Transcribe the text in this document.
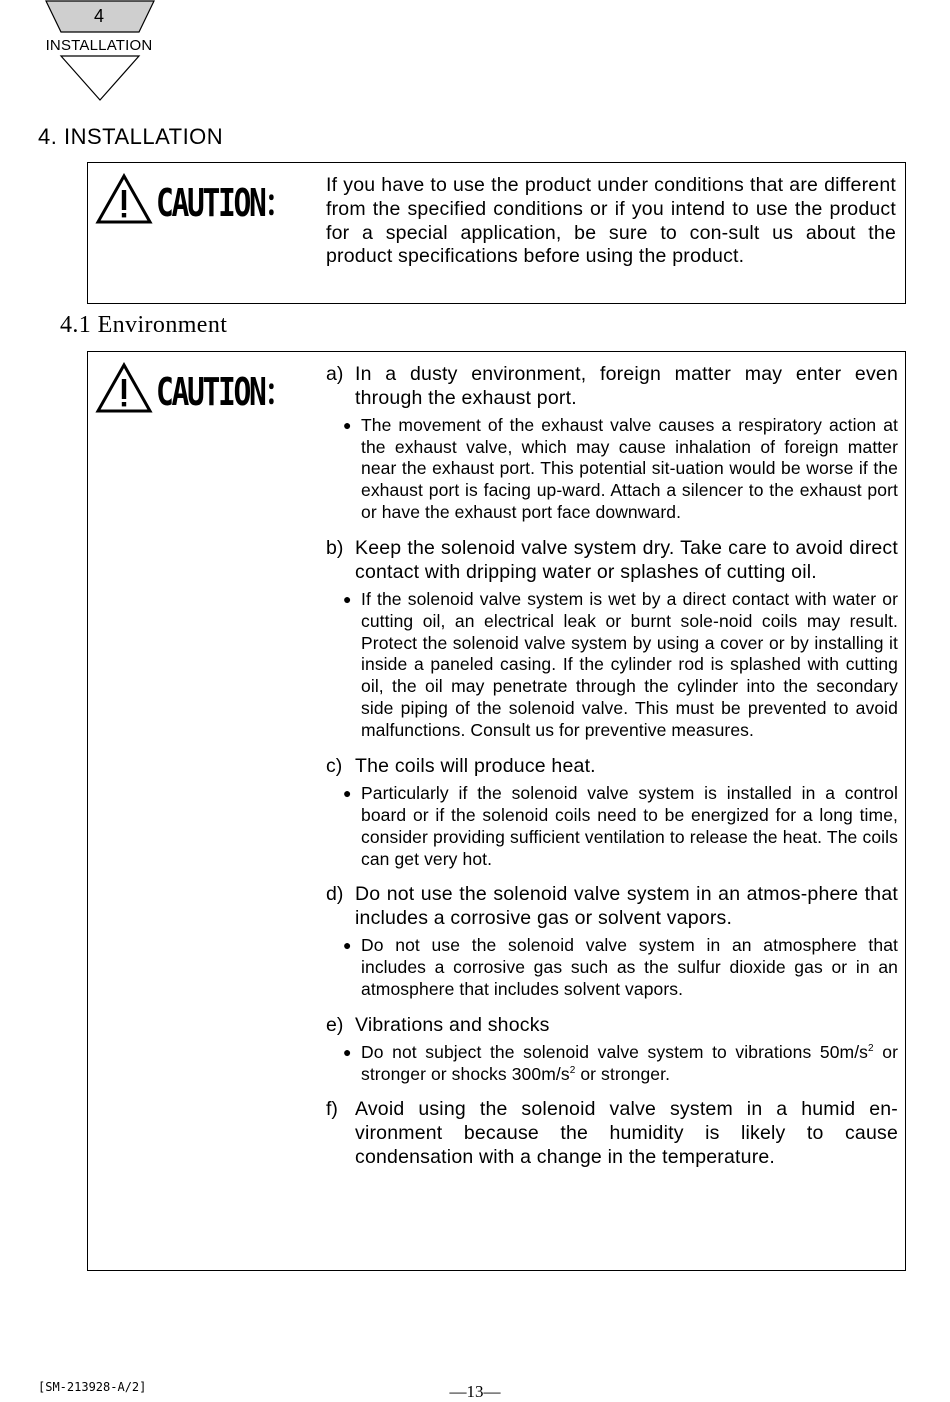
4
INSTALLATION
4. INSTALLATION
CAUTION： If you have to use the product under conditions that are different from the specified conditions or if you intend to use the product for a special application, be sure to con-sult us about the product specifications before using the product.
4.1 Environment
CAUTION： a) In a dusty environment, foreign matter may enter even through the exhaust port.
● The movement of the exhaust valve causes a respiratory action at the exhaust valve, which may cause inhalation of foreign matter near the exhaust port. This potential sit-uation would be worse if the exhaust port is facing up-ward. Attach a silencer to the exhaust port or have the exhaust port face downward.
b) Keep the solenoid valve system dry. Take care to avoid direct contact with dripping water or splashes of cutting oil.
● If the solenoid valve system is wet by a direct contact with water or cutting oil, an electrical leak or burnt sole-noid coils may result. Protect the solenoid valve system by using a cover or by installing it inside a paneled casing. If the cylinder rod is splashed with cutting oil, the oil may penetrate through the cylinder into the secondary side piping of the solenoid valve. This must be prevented to avoid malfunctions. Consult us for preventive measures.
c) The coils will produce heat.
● Particularly if the solenoid valve system is installed in a control board or if the solenoid coils need to be energized for a long time, consider providing sufficient ventilation to release the heat. The coils can get very hot.
d) Do not use the solenoid valve system in an atmos-phere that includes a corrosive gas or solvent vapors.
● Do not use the solenoid valve system in an atmosphere that includes a corrosive gas such as the sulfur dioxide gas or in an atmosphere that includes solvent vapors.
e) Vibrations and shocks
● Do not subject the solenoid valve system to vibrations $50m/s^2$ or stronger or shocks $300m/s^2$ or stronger.
f) Avoid using the solenoid valve system in a humid en-vironment because the humidity is likely to cause condensation with a change in the temperature.
[SM-213928-A/2]	―13―
